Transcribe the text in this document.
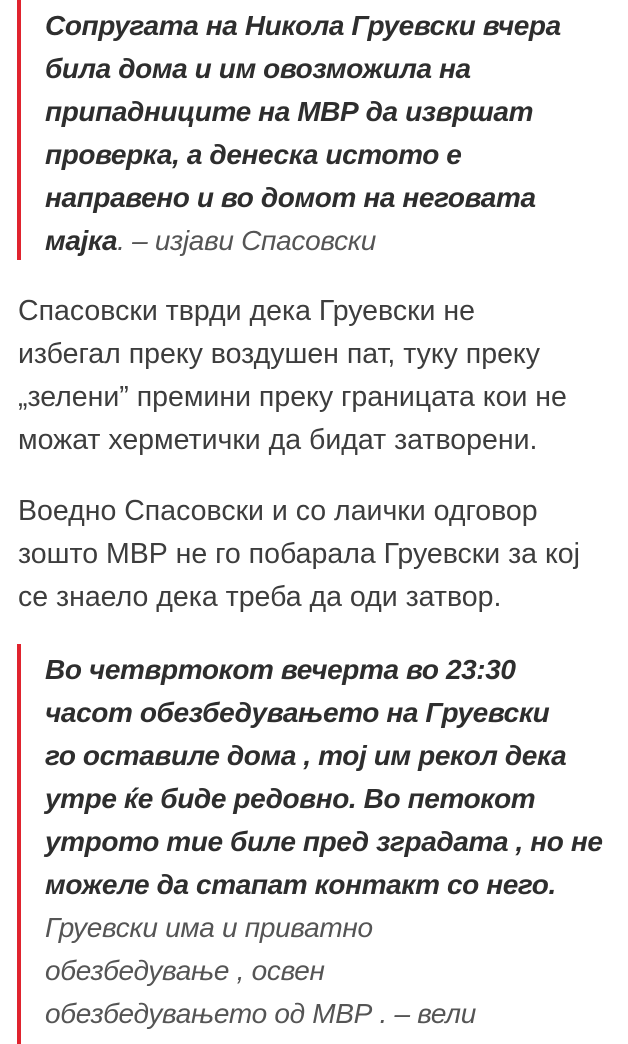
Сопругата на Никола Груевски вчера
била дома и им овозможила на
припадниците на МВР да извршат
проверка, а денеска истото е
направено и во домот на неговата
мајка. – изјави Спасовски

Спасовски тврди дека Груевски не
избегал преку воздушен пат, туку преку
„зелени” премини преку границата кои не
можат херметички да бидат затворени.

Воедно Спасовски и со лаички одговор
зошто МВР не го побарала Груевски за кој
се знаело дека треба да оди затвор.

Во четвртокот вечерта во 23:30
часот обезбедувањето на Груевски
го оставиле дома , тој им рекол дека
утре ќе биде редовно. Во петокот
утрото тие биле пред зградата , но не
можеле да стапат контакт со него.
Груевски има и приватно
обезбедување , освен
обезбедувањето од МВР . – вели
